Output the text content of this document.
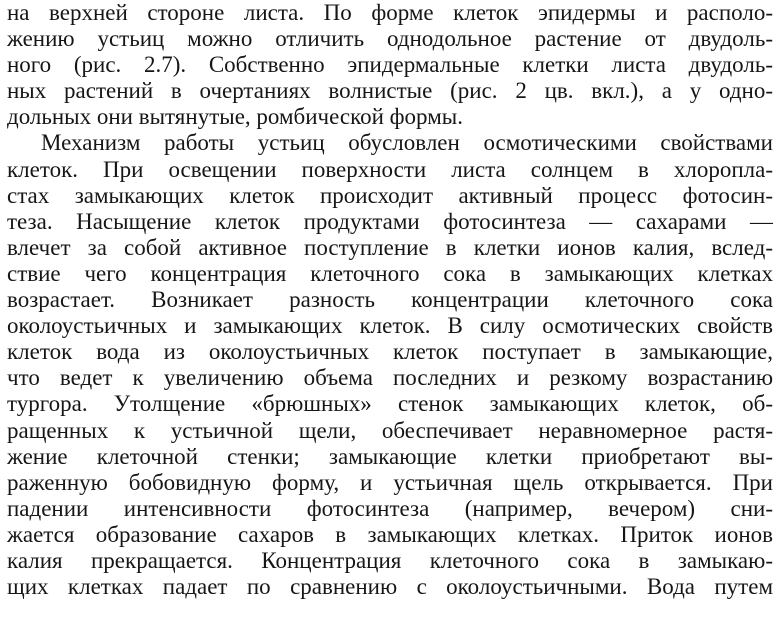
на верхней стороне листа. По форме клеток эпидермы и располо-
жению устьиц можно отличить однодольное растение от двудоль-
ного (рис. 2.7). Собственно эпидермальные клетки листа двудоль-
ных растений в очертаниях волнистые (рис. 2 цв. вкл.), а у одно-
дольных они вытянутые, ромбической формы.
Механизм работы устьиц обусловлен осмотическими свойствами
клеток. При освещении поверхности листа солнцем в хлоропла-
стах замыкающих клеток происходит активный процесс фотосин-
теза. Насыщение клеток продуктами фотосинтеза — сахарами —
влечет за собой активное поступление в клетки ионов калия, вслед-
ствие чего концентрация клеточного сока в замыкающих клетках
возрастает. Возникает разность концентрации клеточного сока
околоустьичных и замыкающих клеток. В силу осмотических свойств
клеток вода из околоустьичных клеток поступает в замыкающие,
что ведет к увеличению объема последних и резкому возрастанию
тургора. Утолщение «брюшных» стенок замыкающих клеток, об-
ращенных к устьичной щели, обеспечивает неравномерное растя-
жение клеточной стенки; замыкающие клетки приобретают вы-
раженную бобовидную форму, и устьичная щель открывается. При
падении интенсивности фотосинтеза (например, вечером) сни-
жается образование сахаров в замыкающих клетках. Приток ионов
калия прекращается. Концентрация клеточного сока в замыкаю-
щих клетках падает по сравнению с околоустьичными. Вода путем
